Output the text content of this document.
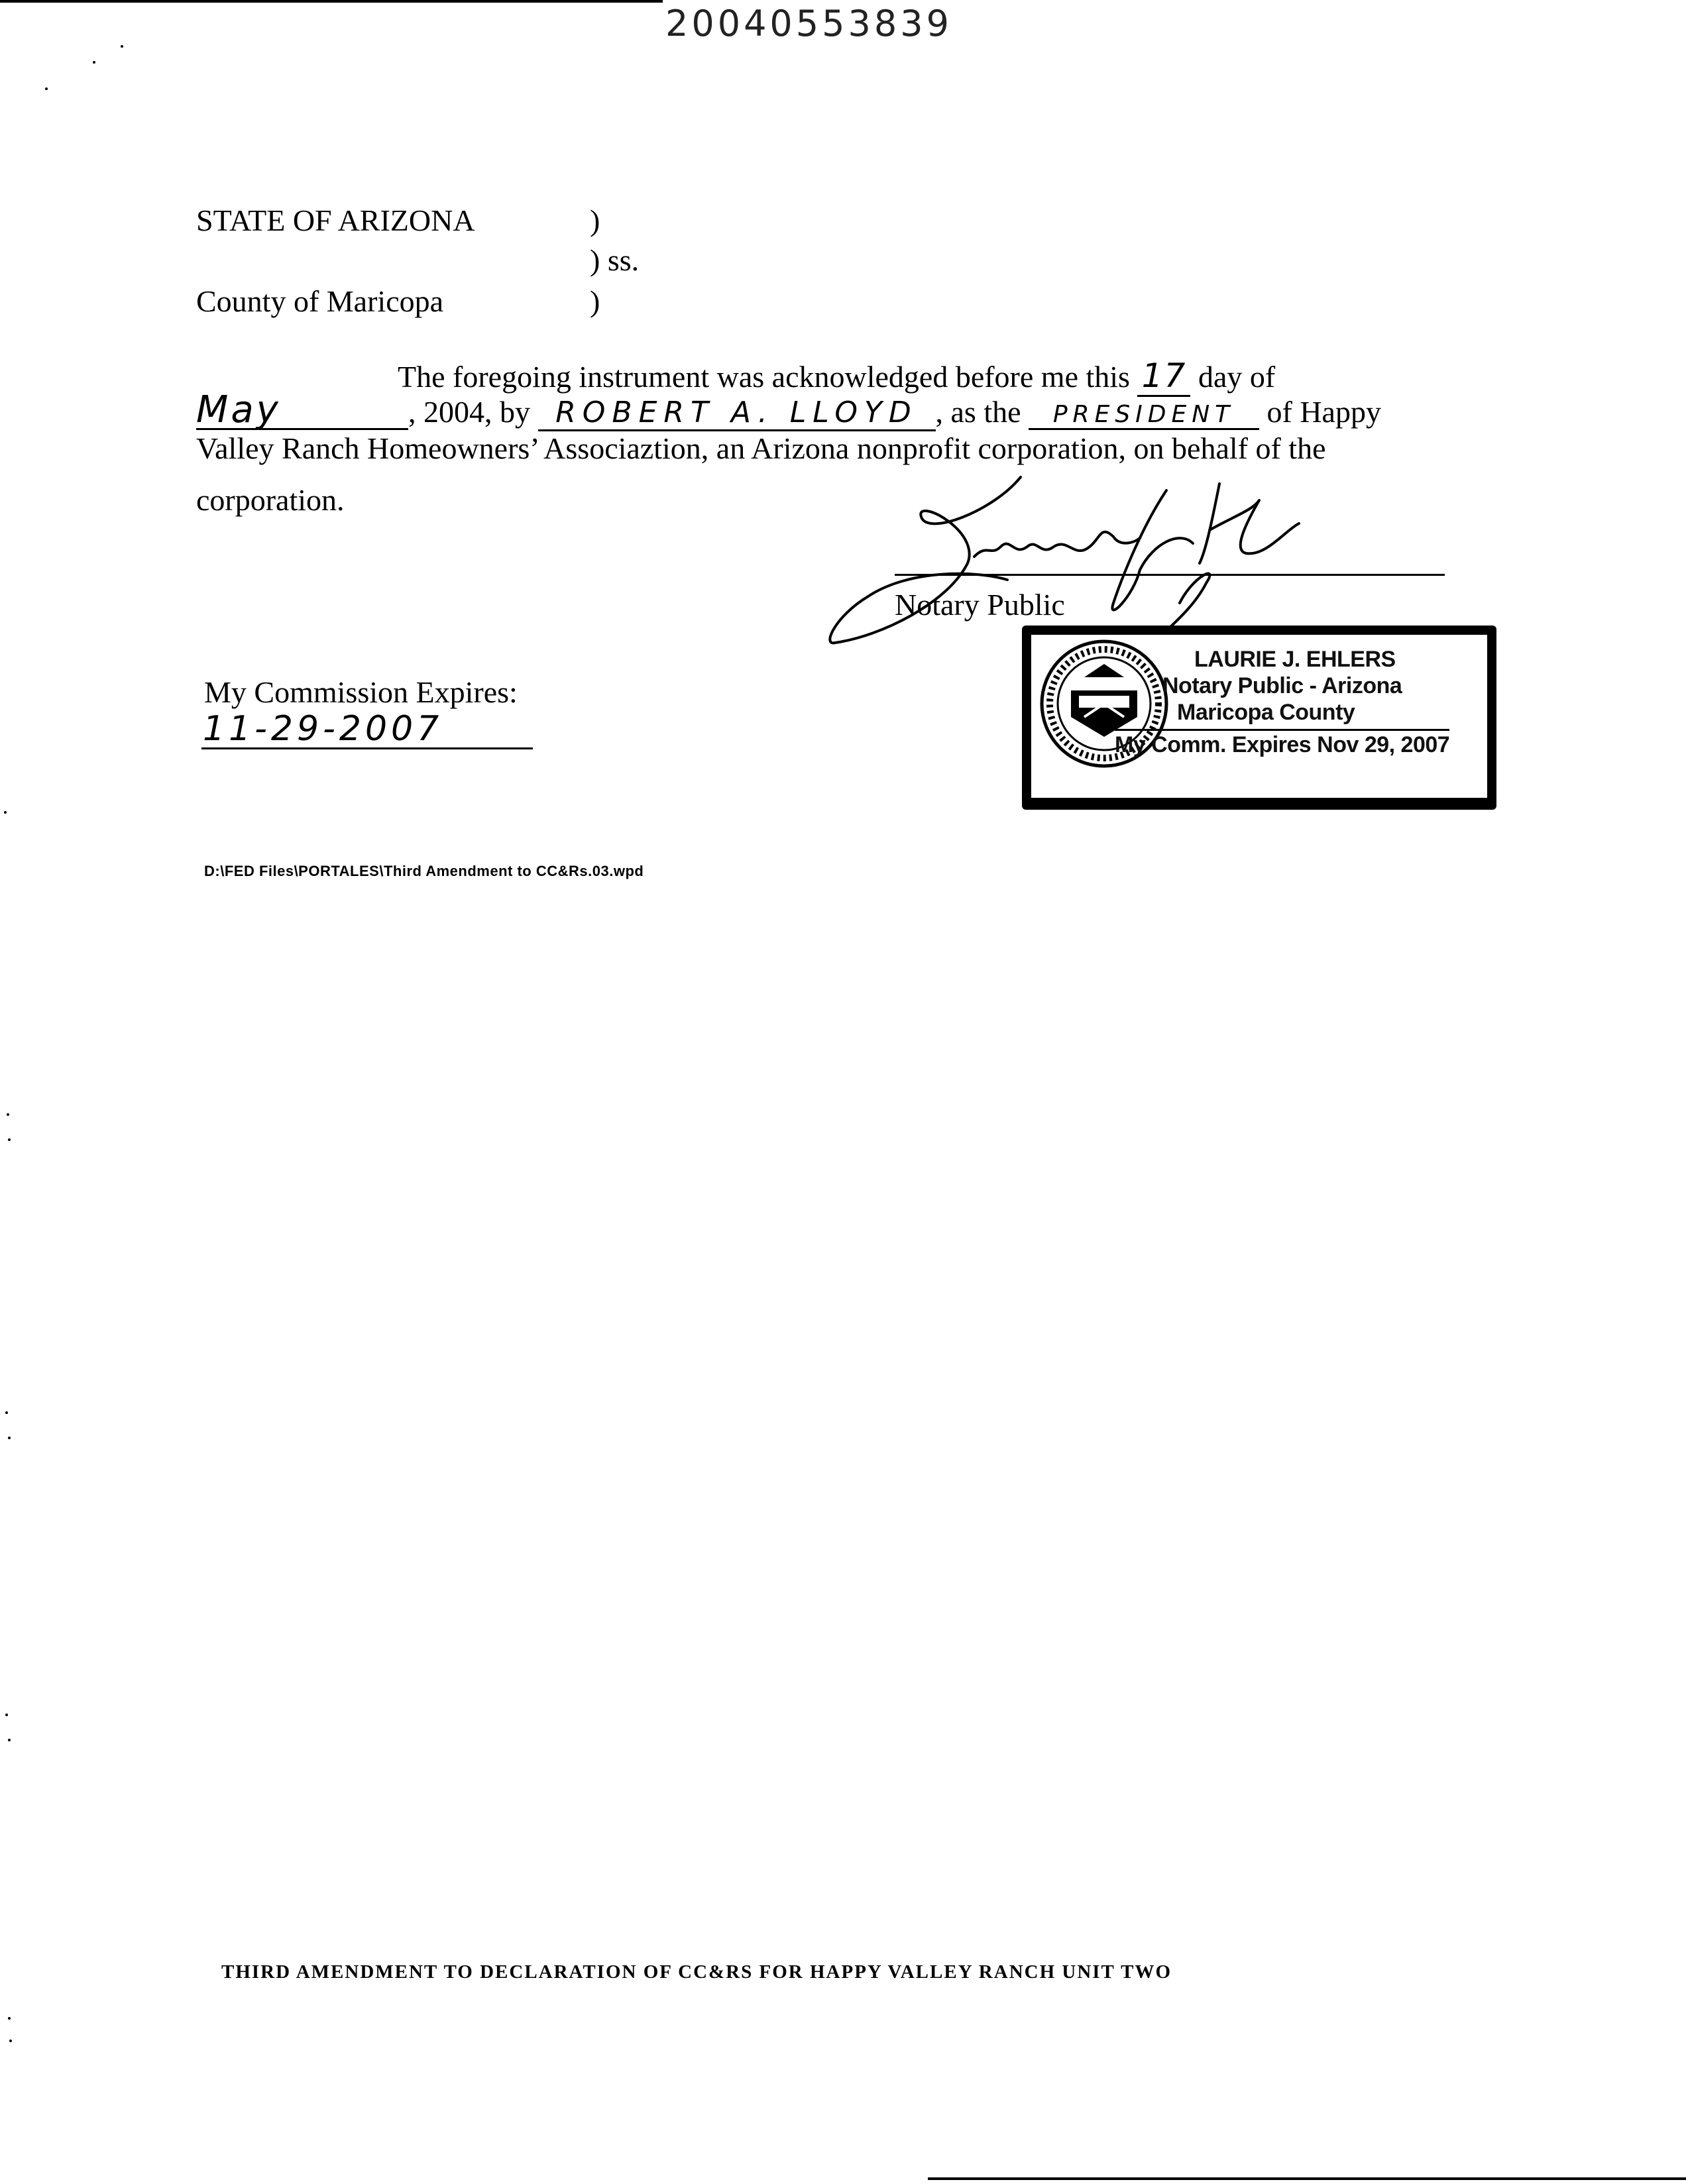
20040553839
STATE OF ARIZONA
County of Maricopa
)
) ss.
)
The foregoing instrument was acknowledged before me this 17 day of
May	, 2004, by ROBERT A. LLOYD , as the PRESIDENT of Happy
Valley Ranch Homeowners’ Associaztion, an Arizona nonprofit corporation, on behalf of the
corporation.
Notary Public
My Commission Expires:
11-29-2007
LAURIE J. EHLERS
Notary Public - Arizona
Maricopa County
My Comm. Expires Nov 29, 2007
D:\FED Files\PORTALES\Third Amendment to CC&Rs.03.wpd
THIRD AMENDMENT TO DECLARATION OF CC&RS FOR HAPPY VALLEY RANCH UNIT TWO
